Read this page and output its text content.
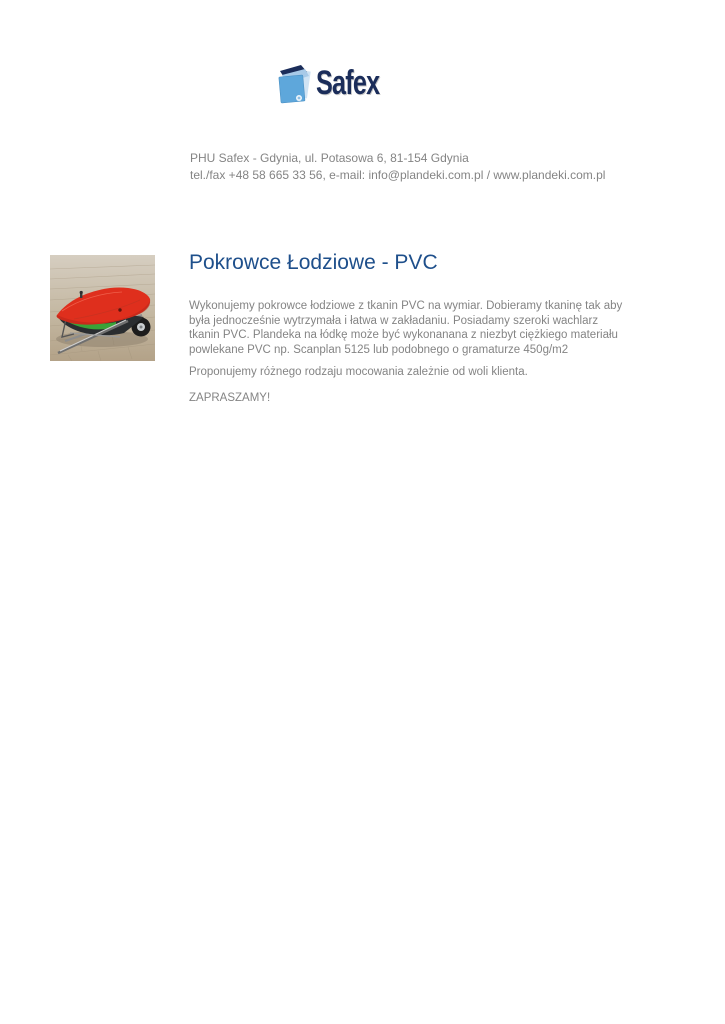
Safex
PHU Safex - Gdynia, ul. Potasowa 6, 81-154 Gdynia
tel./fax +48 58 665 33 56, e-mail: info@plandeki.com.pl / www.plandeki.com.pl
Pokrowce Łodziowe - PVC

Wykonujemy pokrowce łodziowe z tkanin PVC na wymiar. Dobieramy tkaninę tak aby
była jednocześnie wytrzymała i łatwa w zakładaniu. Posiadamy szeroki wachlarz
tkanin PVC. Plandeka na łódkę może być wykonanana z niezbyt ciężkiego materiału
powlekane PVC np. Scanplan 5125 lub podobnego o gramaturze 450g/m2

Proponujemy różnego rodzaju mocowania zależnie od woli klienta.

ZAPRASZAMY!
